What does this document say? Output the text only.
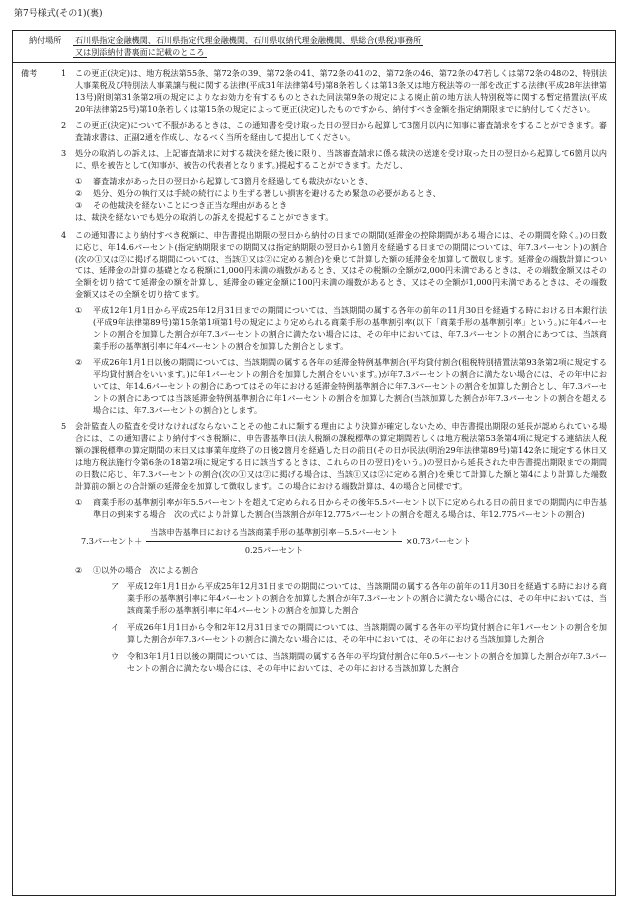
第7号様式(その1)(裏)
納付場所	石川県指定金融機関、石川県指定代理金融機関、石川県収納代理金融機関、県総合(県税)事務所
又は別添納付書裏面に記載のところ
備考	1	この更正(決定)は、地方税法第55条、第72条の39、第72条の41、第72条の41の2、第72条の46、第72条の47若しくは第72条の48の2、特別法人事業税及び特別法人事業譲与税に関する法律(平成31年法律第4号)第8条若しくは第13条又は地方税法等の一部を改正する法律(平成28年法律第13号)附則第31条第2項の規定によりなお効力を有するものとされた同法第9条の規定による廃止前の地方法人特別税等に関する暫定措置法(平成20年法律第25号)第10条若しくは第15条の規定によって更正(決定)したものですから、納付すべき金額を指定納期限までに納付してください。
2	この更正(決定)について不服があるときは、この通知書を受け取った日の翌日から起算して3箇月以内に知事に審査請求をすることができます。審査請求書は、正副2通を作成し、なるべく当所を経由して提出してください。
3	処分の取消しの訴えは、上記審査請求に対する裁決を経た後に限り、当該審査請求に係る裁決の送達を受け取った日の翌日から起算して6箇月以内に、県を被告として(知事が、被告の代表者となります。)提起することができます。ただし、
①	審査請求があった日の翌日から起算して3箇月を経過しても裁決がないとき、
②	処分、処分の執行又は手続の続行により生ずる著しい損害を避けるため緊急の必要があるとき、
③	その他裁決を経ないことにつき正当な理由があるとき
は、裁決を経ないでも処分の取消しの訴えを提起することができます。
4	この通知書により納付すべき税額に、申告書提出期限の翌日から納付の日までの期間(延滞金の控除期間がある場合には、その期間を除く。)の日数に応じ、年14.6パーセント(指定納期限までの期間又は指定納期限の翌日から1箇月を経過する日までの期間については、年7.3パーセント)の割合(次の①又は②に掲げる期間については、当該①又は②に定める割合)を乗じて計算した額の延滞金を加算して徴収します。延滞金の端数計算については、延滞金の計算の基礎となる税額に1,000円未満の端数があるとき、又はその税額の全額が2,000円未満であるときは、その端数金額又はその全額を切り捨てて延滞金の額を計算し、延滞金の確定金額に100円未満の端数があるとき、又はその全額が1,000円未満であるときは、その端数金額又はその全額を切り捨てます。
①	平成12年1月1日から平成25年12月31日までの期間については、当該期間の属する各年の前年の11月30日を経過する時における日本銀行法(平成9年法律第89号)第15条第1項第1号の規定により定められる商業手形の基準割引率(以下「商業手形の基準割引率」という。)に年4パーセントの割合を加算した割合が年7.3パーセントの割合に満たない場合には、その年中においては、年7.3パーセントの割合にあつては、当該商業手形の基準割引率に年4パーセントの割合を加算した割合とします。
②	平成26年1月1日以後の期間については、当該期間の属する各年の延滞金特例基準割合(平均貸付割合(租税特別措置法第93条第2項に規定する平均貸付割合をいいます。)に年1パーセントの割合を加算した割合をいいます。)が年7.3パーセントの割合に満たない場合には、その年中においては、年14.6パーセントの割合にあつてはその年における延滞金特例基準割合に年7.3パーセントの割合を加算した割合とし、年7.3パーセントの割合にあつては当該延滞金特例基準割合に年1パーセントの割合を加算した割合(当該加算した割合が年7.3パーセントの割合を超える場合には、年7.3パーセントの割合)とします。
5	会計監査人の監査を受けなければならないことその他これに類する理由により決算が確定しないため、申告書提出期限の延長が認められている場合には、この通知書により納付すべき税額に、申告書基準日(法人税額の課税標準の算定期間若しくは地方税法第53条第4項に規定する連結法人税額の課税標準の算定期間の末日又は事業年度終了の日後2箇月を経過した日の前日(その日が民法(明治29年法律第89号)第142条に規定する休日又は地方税法施行令第6条の18第2項に規定する日に該当するときは、これらの日の翌日)をいう。)の翌日から延長された申告書提出期限までの期間の日数に応じ、年7.3パーセントの割合(次の①又は②に掲げる場合は、当該①又は②に定める割合)を乗じて計算した額と第4により計算した端数計算前の額との合計額の延滞金を加算して徴収します。この場合における端数計算は、4の場合と同様です。
①	商業手形の基準割引率が年5.5パーセントを超えて定められる日からその後年5.5パーセント以下に定められる日の前日までの期間内に申告基準日の到来する場合　次の式により計算した割合(当該割合が年12.775パーセントの割合を超える場合は、年12.775パーセントの割合)
7.3パーセント＋ $\frac{\text{当該申告基準日における当該商業手形の基準割引率－5.5パーセント}}{\text{0.25パーセント}} \times 0.73$パーセント
②	①以外の場合　次による割合
ア 平成12年1月1日から平成25年12月31日までの期間については、当該期間の属する各年の前年の11月30日を経過する時における商業手形の基準割引率に年4パーセントの割合を加算した割合が年7.3パーセントの割合に満たない場合には、その年中においては、当該商業手形の基準割引率に年4パーセントの割合を加算した割合
イ 平成26年1月1日から令和2年12月31日までの期間については、当該期間の属する各年の平均貸付割合に年1パーセントの割合を加算した割合が年7.3パーセントの割合に満たない場合には、その年中においては、その年における当該加算した割合
ウ 令和3年1月1日以後の期間については、当該期間の属する各年の平均貸付割合に年0.5パーセントの割合を加算した割合が年7.3パーセントの割合に満たない場合には、その年中においては、その年における当該加算した割合
